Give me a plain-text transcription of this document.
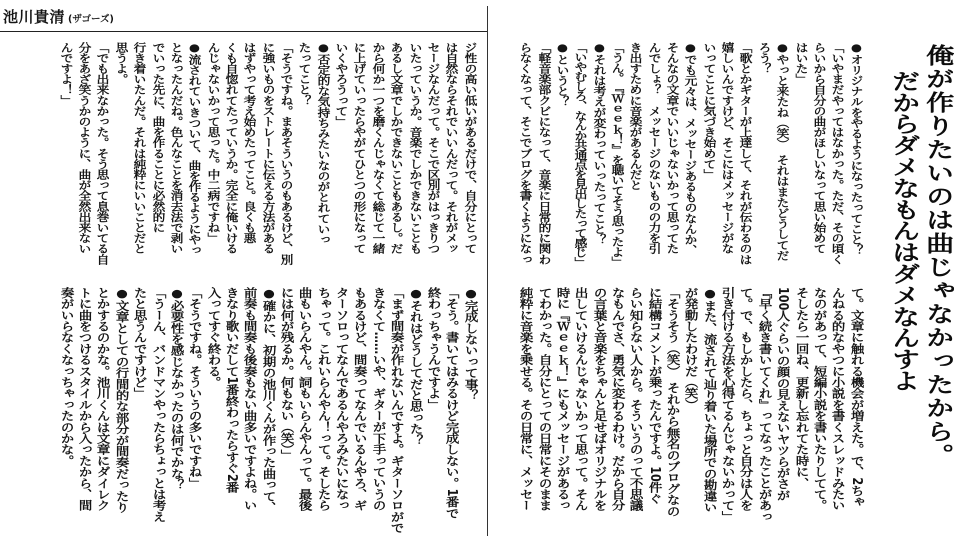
池川貴清 (ザゴーズ)
俺が作りたいのは曲じゃなかったから。
だからダメなもんはダメなんすよ
●オリジナルをやるようになったってこと？
「いやまだやってはなかった。ただ、その頃く
らいから自分の曲がほしいなって思い始めて
はいた」
●やっと来たね（笑）　それはまたどうしてだ
ろう？
「歌とかギターが上達して、それが伝わるのは
嬉しいんですけど、そこにはメッセージがな
いってことに気づき始めて」
●でも元々は、メッセージあるものなんか、
そんなの文章でいいじゃないかって思ってた
んでしょ？　メッセージのないものの力を引
き出すために音楽があるんだと
「うん。『Ｗｅｅｋ！』を聴いてそう思ったよ」
●それは考えが変わっていったってこと？
「いやむしろ、なんか共通点を見出したって感じ」
●というと？
「軽音楽部クビになって、音楽に日常的に関わ
らなくなって、そこでブログを書くようになっ
て。文章に触れる機会が増えた。で、2ちゃ
んねる的なやつに小説を書くスレッドみたい
なのがあって、短編小説を書いたりしてて。
そしたら一回ね、更新し忘れてた時に、
100人ぐらいの顔の見えないヤツらがさが
『早く続き書いてくれ』ってなったことがあっ
て。で、もしかしたら、ちょっと自分は人を
引き付ける方法を心得てるんじゃないかって」
●また、流されて辿り着いた場所での勘違い
が発動したわけだ（笑）
「そうそう（笑）　それから無名のブログなの
に結構コメントが乗ったんですよ。10件ぐ
らい知らない人から。そういうのって不思議
なもんでさ、勇気に変わるわけ。だから自分
の言葉と音楽をちゃんと足せばオリジナルを
出していけるんじゃないかって思って。そん
時に『Ｗｅｅｋ！』にもメッセージがあるっ
てわかった。自分にとっての日常にそのまま
純粋に音楽を乗せる。その日常に、メッセー
ジ性の高い低いがあるだけで、自分にとって
は自然ならそれでいいんだって。それがメッ
セージなんだって。そこで区別がはっきりつ
いたっていうか。音楽でしかできないことも
あるし文章でしかできないこともあるし。だ
から何か一つを磨くんじゃなくて総じて一緒
に上げていったらやがてひとつの形になって
いくやろうって」
●否定的な気持ちみたいなのがとれていっ
たってこと？
「そうですね。まあそういうのもあるけど、別
に強いものをストレートに伝える方法がある
はずやって考え始めたってこと。良くも悪
くも自惚れてたっていうか。完全に俺いける
んじゃないかって思った。中二病ですね」
●流されていきついて、曲を作るようにやっ
となったんだね。色んなことを消去法で剥い
でいった先に、曲を作ることに必然的に
行き着いたんだ。それは純粋にいいことだと
思うよ。
「でも出来なかった。そう思って息巻いてる自
分をあざ笑うかのように、曲が全然出来ない
んですよ！」
●完成しないって事？
「そう。書いてはみるけど完成しない。1番で
終わっちゃうんですよ」
●それはどうしてだと思った？
「まず間奏が作れないんですよ。ギターソロがで
きなくて……いや、ギターが下手っていうの
もあるけど、間奏ってなんでいるんやろ、ギ
ターソロってなんであるんやろみたいになっ
ちゃって。これいらんやん！って。そしたら
曲もいらんやん。詞もいらんやんって。最後
には何が残るか。何もない（笑）」
●確かに、初期の池川くんが作った曲って、
前奏も間奏も後奏もない曲多いですよね。い
きなり歌いだして1番終わったらすぐ2番
入ってすぐ終わる。
「そうですね。そういうの多いですね」
●必要性を感じなかったのは何でかな？
「うーん、バンドマンやったらちょっとは考え
たと思うんですけど」
●文章としての行間的な部分が間奏だったり
とかするのかな。池川くんは文章にダイレク
トに曲をつけるスタイルから入ったから、間
奏がいらなくなっちゃったのかな。
